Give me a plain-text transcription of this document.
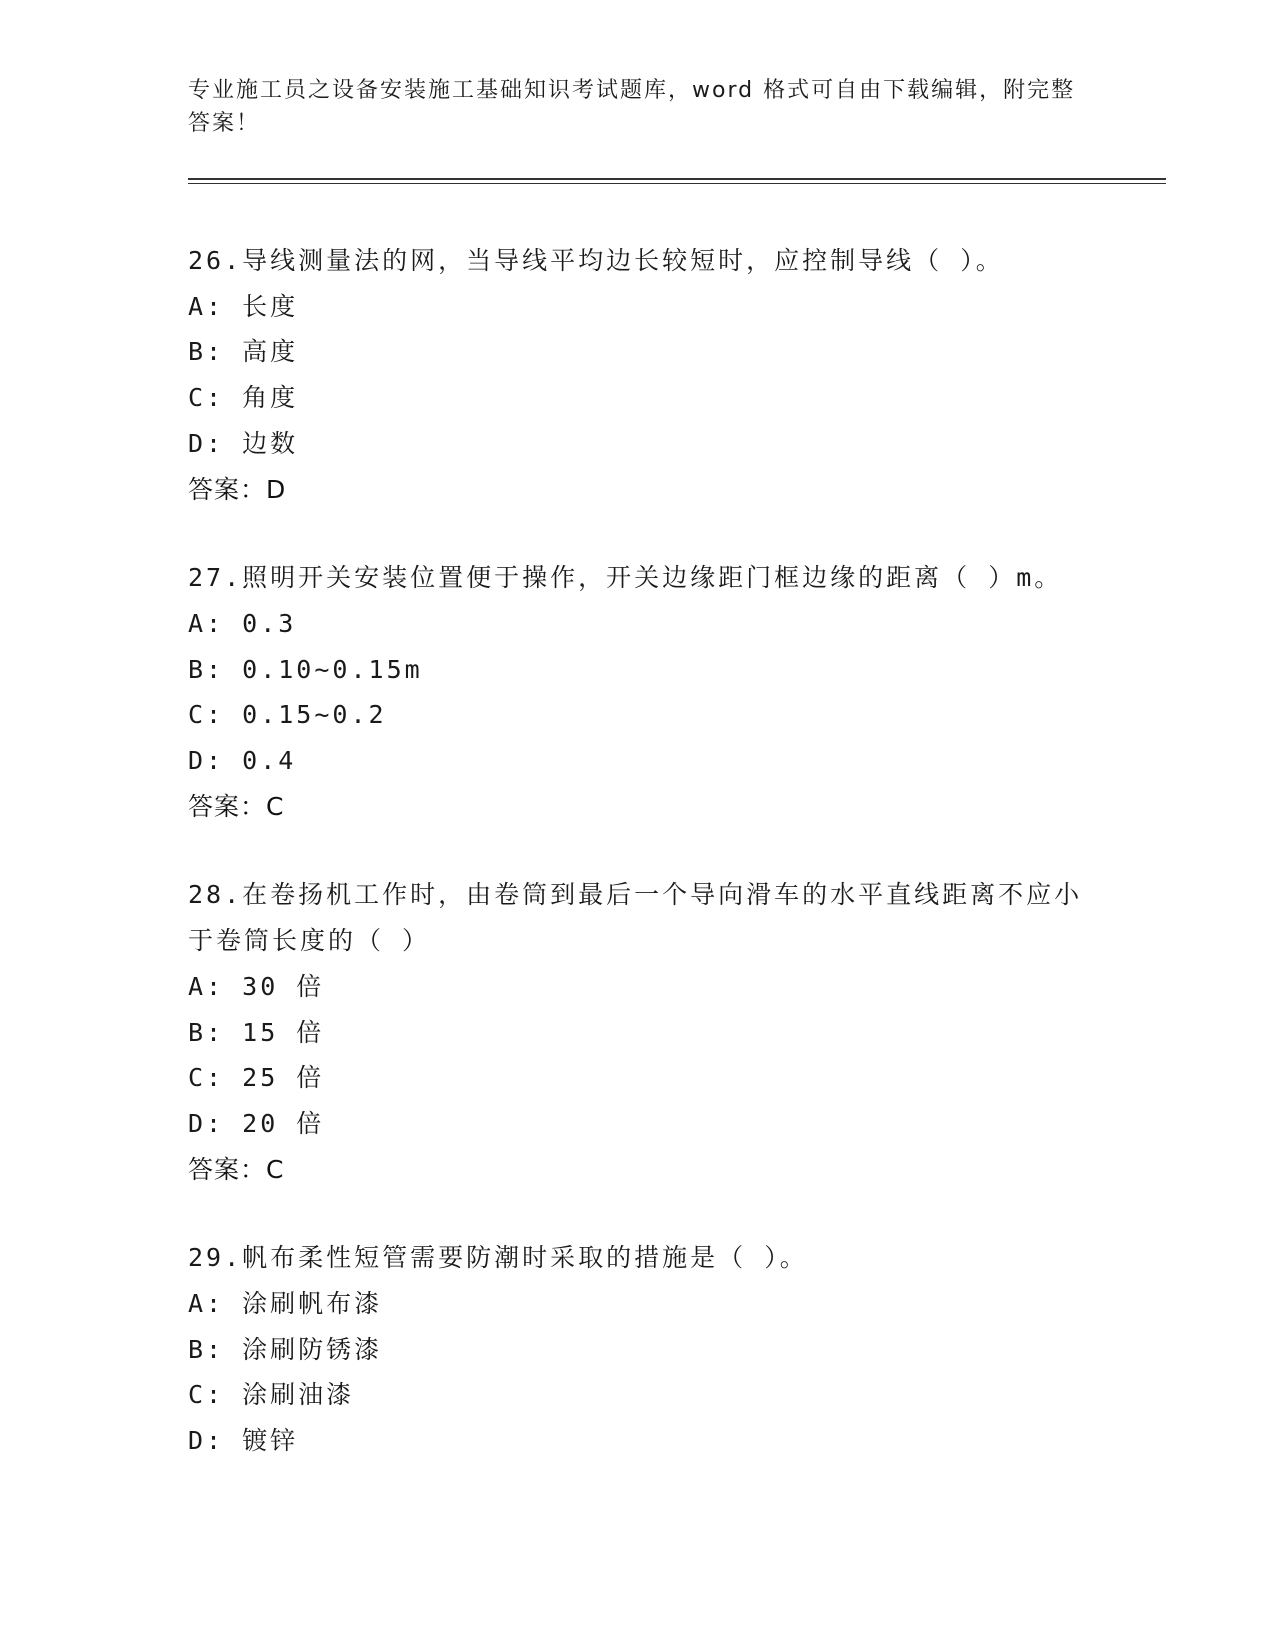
专业施工员之设备安装施工基础知识考试题库，word 格式可自由下载编辑，附完整答案！
26.导线测量法的网，当导线平均边长较短时，应控制导线（ ）。
A: 长度
B: 高度
C: 角度
D: 边数
答案：D
27.照明开关安装位置便于操作，开关边缘距门框边缘的距离（ ）m。
A: 0.3
B: 0.10~0.15m
C: 0.15~0.2
D: 0.4
答案：C
28.在卷扬机工作时，由卷筒到最后一个导向滑车的水平直线距离不应小于卷筒长度的（ ）
A: 30 倍
B: 15 倍
C: 25 倍
D: 20 倍
答案：C
29.帆布柔性短管需要防潮时采取的措施是（ ）。
A: 涂刷帆布漆
B: 涂刷防锈漆
C: 涂刷油漆
D: 镀锌
